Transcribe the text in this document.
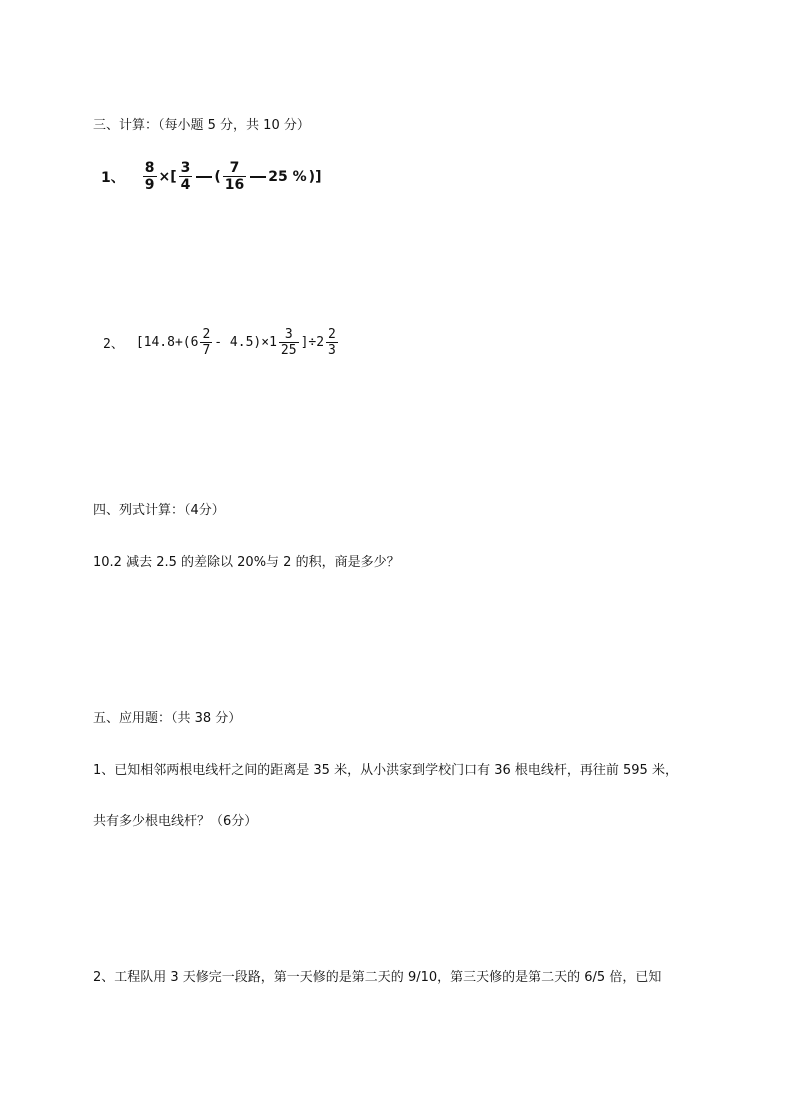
三、计算：（每小题 5 分，共 10 分）
1、 $\frac{8}{9}$ × [ $\frac{3}{4}$ ( $\frac{7}{16} 25$ % )]
2、 $[14.8+(6 \frac{2}{7} - 4.5)\times 1 \frac{3}{25} ]\div 2 \frac{2}{3}$
四、列式计算：（4分）
10.2 减去 2.5 的差除以 20%与 2 的积，商是多少？
五、应用题：（共 38 分）
1、已知相邻两根电线杆之间的距离是 35 米，从小洪家到学校门口有 36 根电线杆，再往前 595 米，
共有多少根电线杆？（6分）
2、工程队用 3 天修完一段路，第一天修的是第二天的 9/10，第三天修的是第二天的 6/5 倍，已知
